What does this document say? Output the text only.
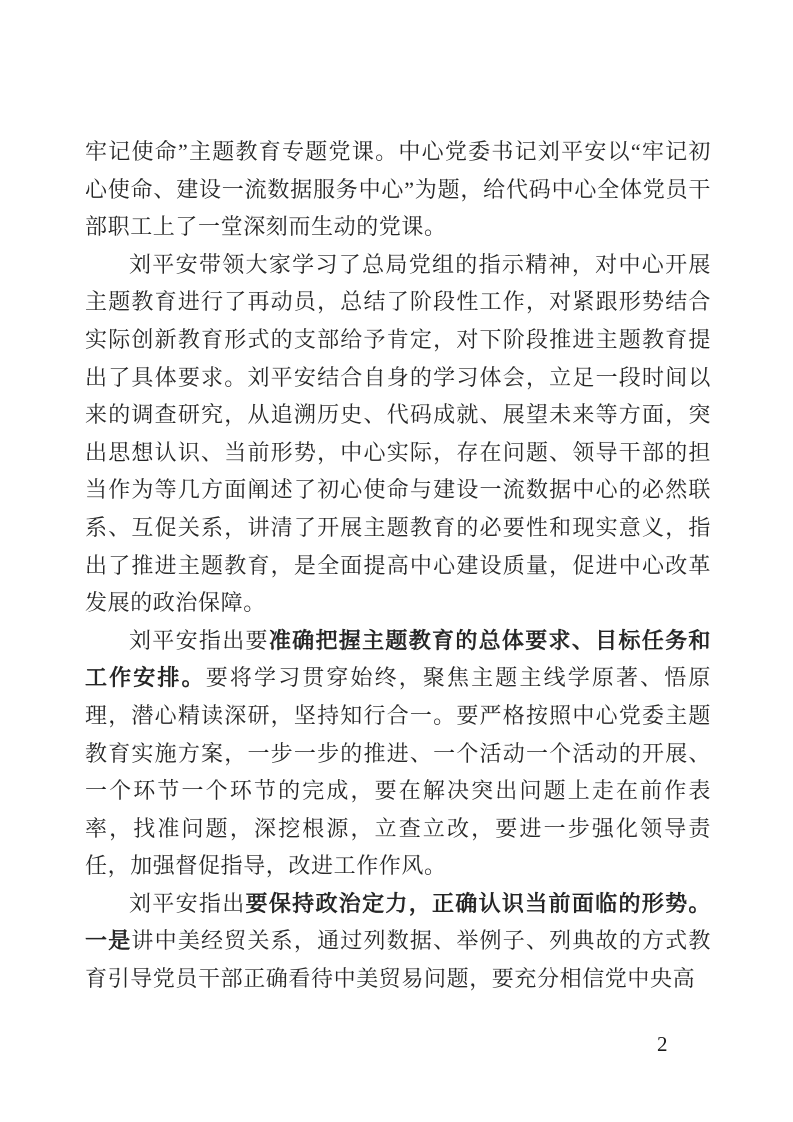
牢记使命”主题教育专题党课。中心党委书记刘平安以“牢记初心使命、建设一流数据服务中心”为题，给代码中心全体党员干部职工上了一堂深刻而生动的党课。

刘平安带领大家学习了总局党组的指示精神，对中心开展主题教育进行了再动员，总结了阶段性工作，对紧跟形势结合实际创新教育形式的支部给予肯定，对下阶段推进主题教育提出了具体要求。刘平安结合自身的学习体会，立足一段时间以来的调查研究，从追溯历史、代码成就、展望未来等方面，突出思想认识、当前形势，中心实际，存在问题、领导干部的担当作为等几方面阐述了初心使命与建设一流数据中心的必然联系、互促关系，讲清了开展主题教育的必要性和现实意义，指出了推进主题教育，是全面提高中心建设质量，促进中心改革发展的政治保障。

刘平安指出要准确把握主题教育的总体要求、目标任务和工作安排。要将学习贯穿始终，聚焦主题主线学原著、悟原理，潜心精读深研，坚持知行合一。要严格按照中心党委主题教育实施方案，一步一步的推进、一个活动一个活动的开展、一个环节一个环节的完成，要在解决突出问题上走在前作表率，找准问题，深挖根源，立查立改，要进一步强化领导责任，加强督促指导，改进工作作风。

刘平安指出要保持政治定力，正确认识当前面临的形势。一是讲中美经贸关系，通过列数据、举例子、列典故的方式教育引导党员干部正确看待中美贸易问题，要充分相信党中央高

2
